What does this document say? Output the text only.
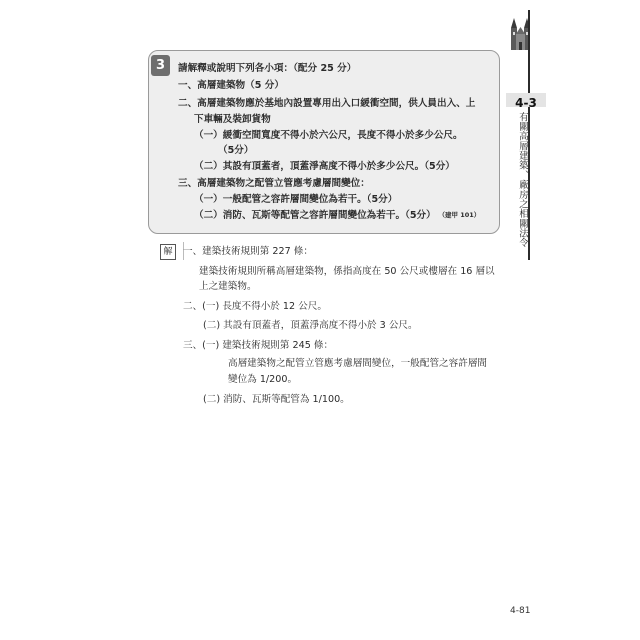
4-3
有關高層建築、廠房之相關法令
3	請解釋或說明下列各小項：（配分 25 分）
一、高層建築物（5 分）
二、高層建築物應於基地內設置專用出入口緩衝空間，供人員出入、上
下車輛及裝卸貨物
（一）緩衝空間寬度不得小於六公尺，長度不得小於多少公尺。
（5分）
（二）其設有頂蓋者，頂蓋淨高度不得小於多少公尺。（5分）
三、高層建築物之配管立管應考慮層間變位：
（一）一般配管之容許層間變位為若干。（5分）
（二）消防、瓦斯等配管之容許層間變位為若干。（5分） （建甲 101）
解	一、建築技術規則第 227 條：
建築技術規則所稱高層建築物，係指高度在 50 公尺或樓層在 16 層以
上之建築物。
二、(一) 長度不得小於 12 公尺。
(二) 其設有頂蓋者，頂蓋淨高度不得小於 3 公尺。
三、(一) 建築技術規則第 245 條：
高層建築物之配管立管應考慮層間變位，一般配管之容許層間
變位為 1/200。
(二) 消防、瓦斯等配管為 1/100。
4-81
